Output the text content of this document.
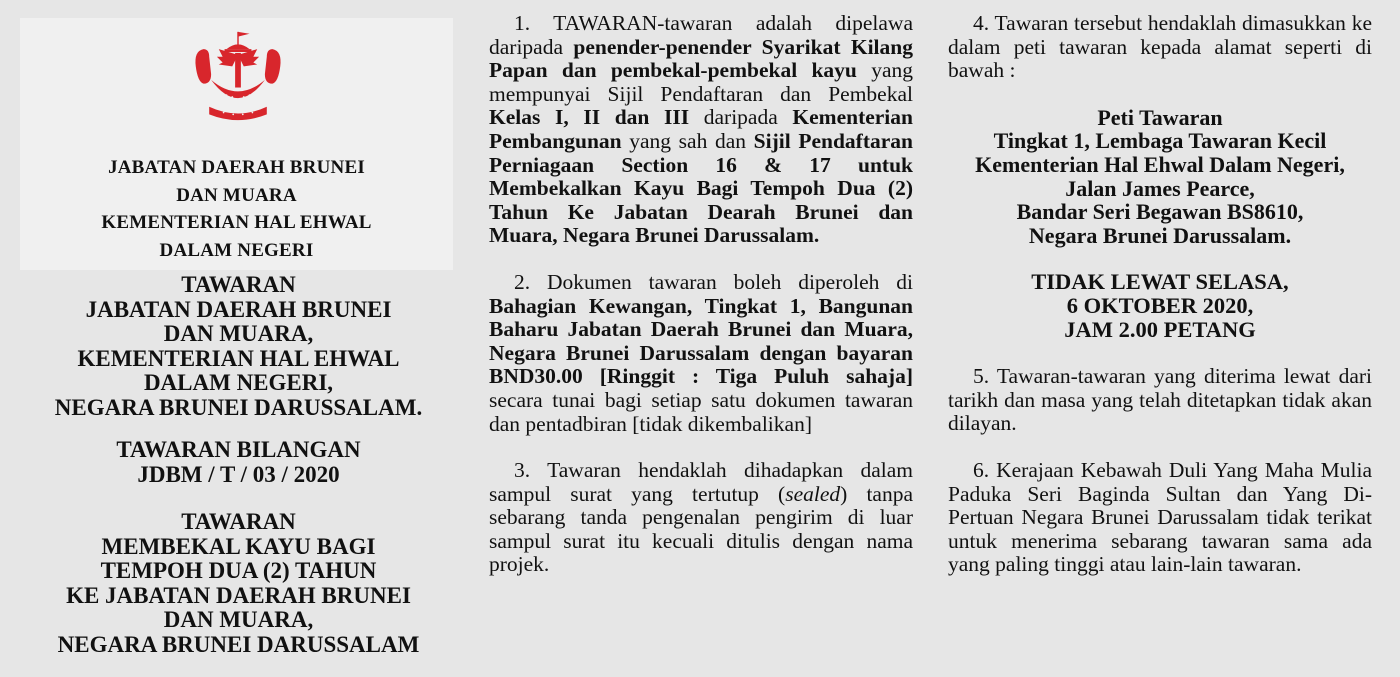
JABATAN DAERAH BRUNEI
DAN MUARA
KEMENTERIAN HAL EHWAL
DALAM NEGERI
TAWARAN
JABATAN DAERAH BRUNEI
DAN MUARA,
KEMENTERIAN HAL EHWAL
DALAM NEGERI,
NEGARA BRUNEI DARUSSALAM.
TAWARAN BILANGAN
JDBM / T / 03 / 2020
TAWARAN
MEMBEKAL KAYU BAGI
TEMPOH DUA (2) TAHUN
KE JABATAN DAERAH BRUNEI
DAN MUARA,
NEGARA BRUNEI DARUSSALAM

1. TAWARAN-tawaran adalah dipelawa daripada penender-penender Syarikat Kilang Papan dan pembekal-pembekal kayu yang mempunyai Sijil Pendaftaran dan Pembekal Kelas I, II dan III daripada Kementerian Pembangunan yang sah dan Sijil Pendaftaran Perniagaan Section 16 & 17 untuk Membekalkan Kayu Bagi Tempoh Dua (2) Tahun Ke Jabatan Dearah Brunei dan Muara, Negara Brunei Darussalam.

2. Dokumen tawaran boleh diperoleh di Bahagian Kewangan, Tingkat 1, Bangunan Baharu Jabatan Daerah Brunei dan Muara, Negara Brunei Darussalam dengan bayaran BND30.00 [Ringgit : Tiga Puluh sahaja] secara tunai bagi setiap satu dokumen tawaran dan pentadbiran [tidak dikembalikan]

3. Tawaran hendaklah dihadapkan dalam sampul surat yang tertutup (sealed) tanpa sebarang tanda pengenalan pengirim di luar sampul surat itu kecuali ditulis dengan nama projek.

4. Tawaran tersebut hendaklah dimasukkan ke dalam peti tawaran kepada alamat seperti di bawah :

Peti Tawaran
Tingkat 1, Lembaga Tawaran Kecil
Kementerian Hal Ehwal Dalam Negeri,
Jalan James Pearce,
Bandar Seri Begawan BS8610,
Negara Brunei Darussalam.
TIDAK LEWAT SELASA,
6 OKTOBER 2020,
JAM 2.00 PETANG

5. Tawaran-tawaran yang diterima lewat dari tarikh dan masa yang telah ditetapkan tidak akan dilayan.

6. Kerajaan Kebawah Duli Yang Maha Mulia Paduka Seri Baginda Sultan dan Yang Di-Pertuan Negara Brunei Darussalam tidak terikat untuk menerima sebarang tawaran sama ada yang paling tinggi atau lain-lain tawaran.
